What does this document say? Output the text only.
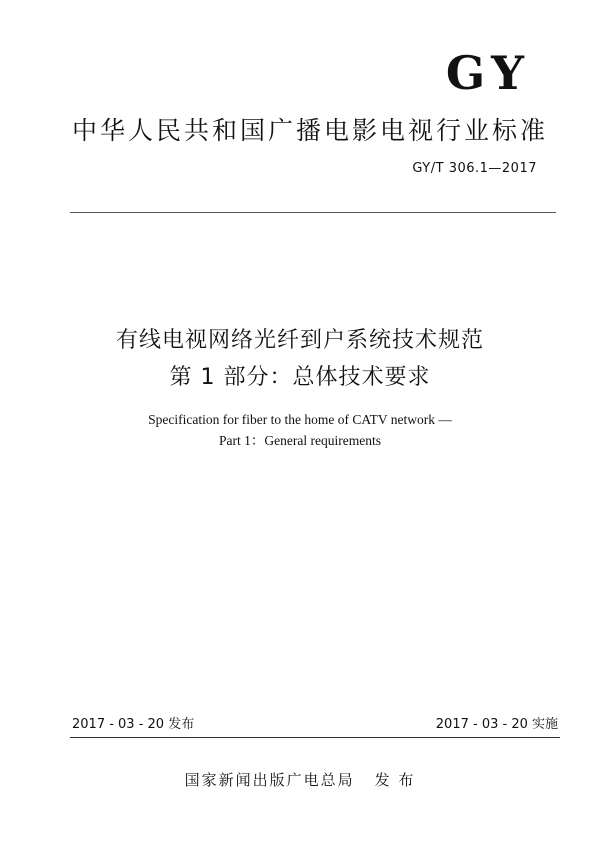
GY
中华人民共和国广播电影电视行业标准
GY/T 306.1—2017
有线电视网络光纤到户系统技术规范
第 1 部分：总体技术要求
Specification for fiber to the home of CATV network —
Part 1：General requirements
2017 - 03 - 20 发布	2017 - 03 - 20 实施
国家新闻出版广电总局 发 布
